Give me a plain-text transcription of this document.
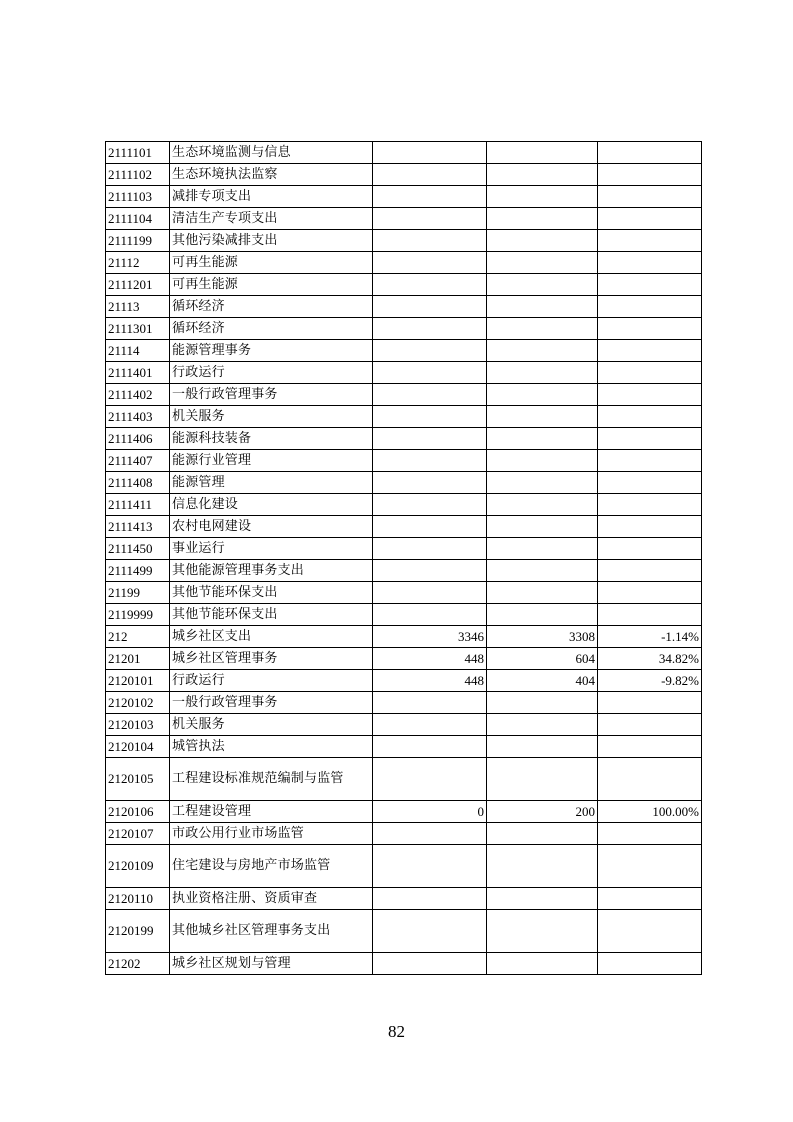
2111101	生态环境监测与信息			
2111102	生态环境执法监察			
2111103	减排专项支出			
2111104	清洁生产专项支出			
2111199	其他污染减排支出			
21112	可再生能源			
2111201	可再生能源			
21113	循环经济			
2111301	循环经济			
21114	能源管理事务			
2111401	行政运行			
2111402	一般行政管理事务			
2111403	机关服务			
2111406	能源科技装备			
2111407	能源行业管理			
2111408	能源管理			
2111411	信息化建设			
2111413	农村电网建设			
2111450	事业运行			
2111499	其他能源管理事务支出			
21199	其他节能环保支出			
2119999	其他节能环保支出			
212	城乡社区支出	3346	3308	-1.14%
21201	城乡社区管理事务	448	604	34.82%
2120101	行政运行	448	404	-9.82%
2120102	一般行政管理事务			
2120103	机关服务			
2120104	城管执法			
2120105	工程建设标准规范编制与监管			
2120106	工程建设管理	0	200	100.00%
2120107	市政公用行业市场监管			
2120109	住宅建设与房地产市场监管			
2120110	执业资格注册、资质审查			
2120199	其他城乡社区管理事务支出			
21202	城乡社区规划与管理			
82
